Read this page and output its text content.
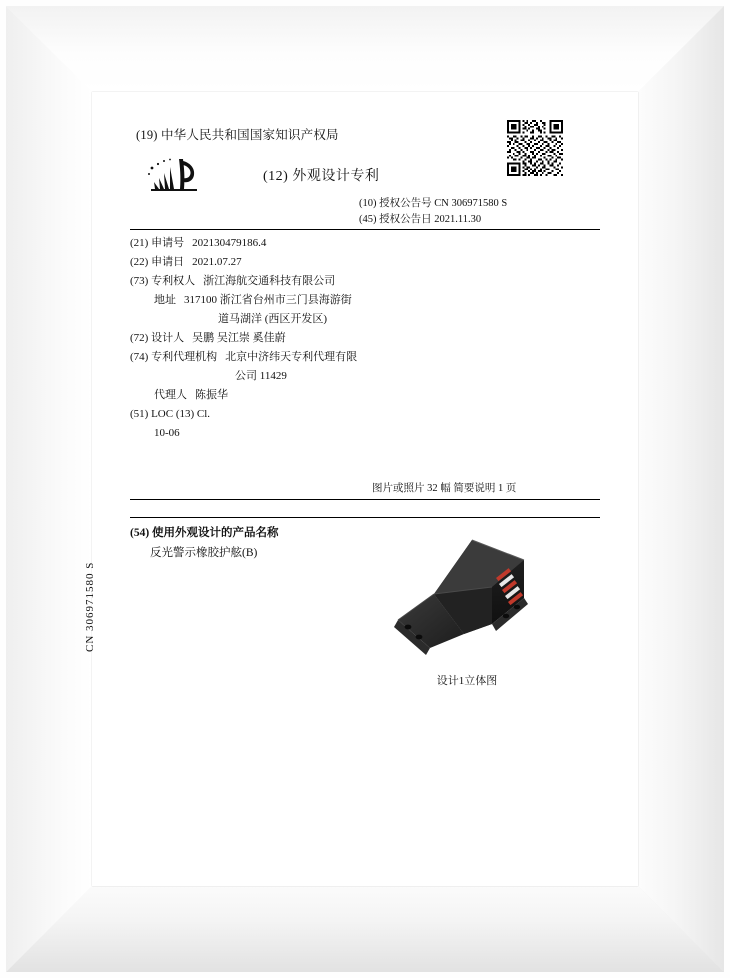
(19) 中华人民共和国国家知识产权局
(12) 外观设计专利
(10) 授权公告号 CN 306971580 S
(45) 授权公告日 2021.11.30
(21) 申请号 202130479186.4
(22) 申请日 2021.07.27
(73) 专利权人 浙江海航交通科技有限公司
地址 317100 浙江省台州市三门县海游街
道马湖洋 (西区开发区)
(72) 设计人 吴鹏 吴江崇 奚佳蔚
(74) 专利代理机构 北京中济纬天专利代理有限
公司 11429
代理人 陈振华
(51) LOC (13) Cl.
10-06
图片或照片 32 幅 简要说明 1 页
(54) 使用外观设计的产品名称
反光警示橡胶护舷(B)
设计1立体图
CN 306971580 S
